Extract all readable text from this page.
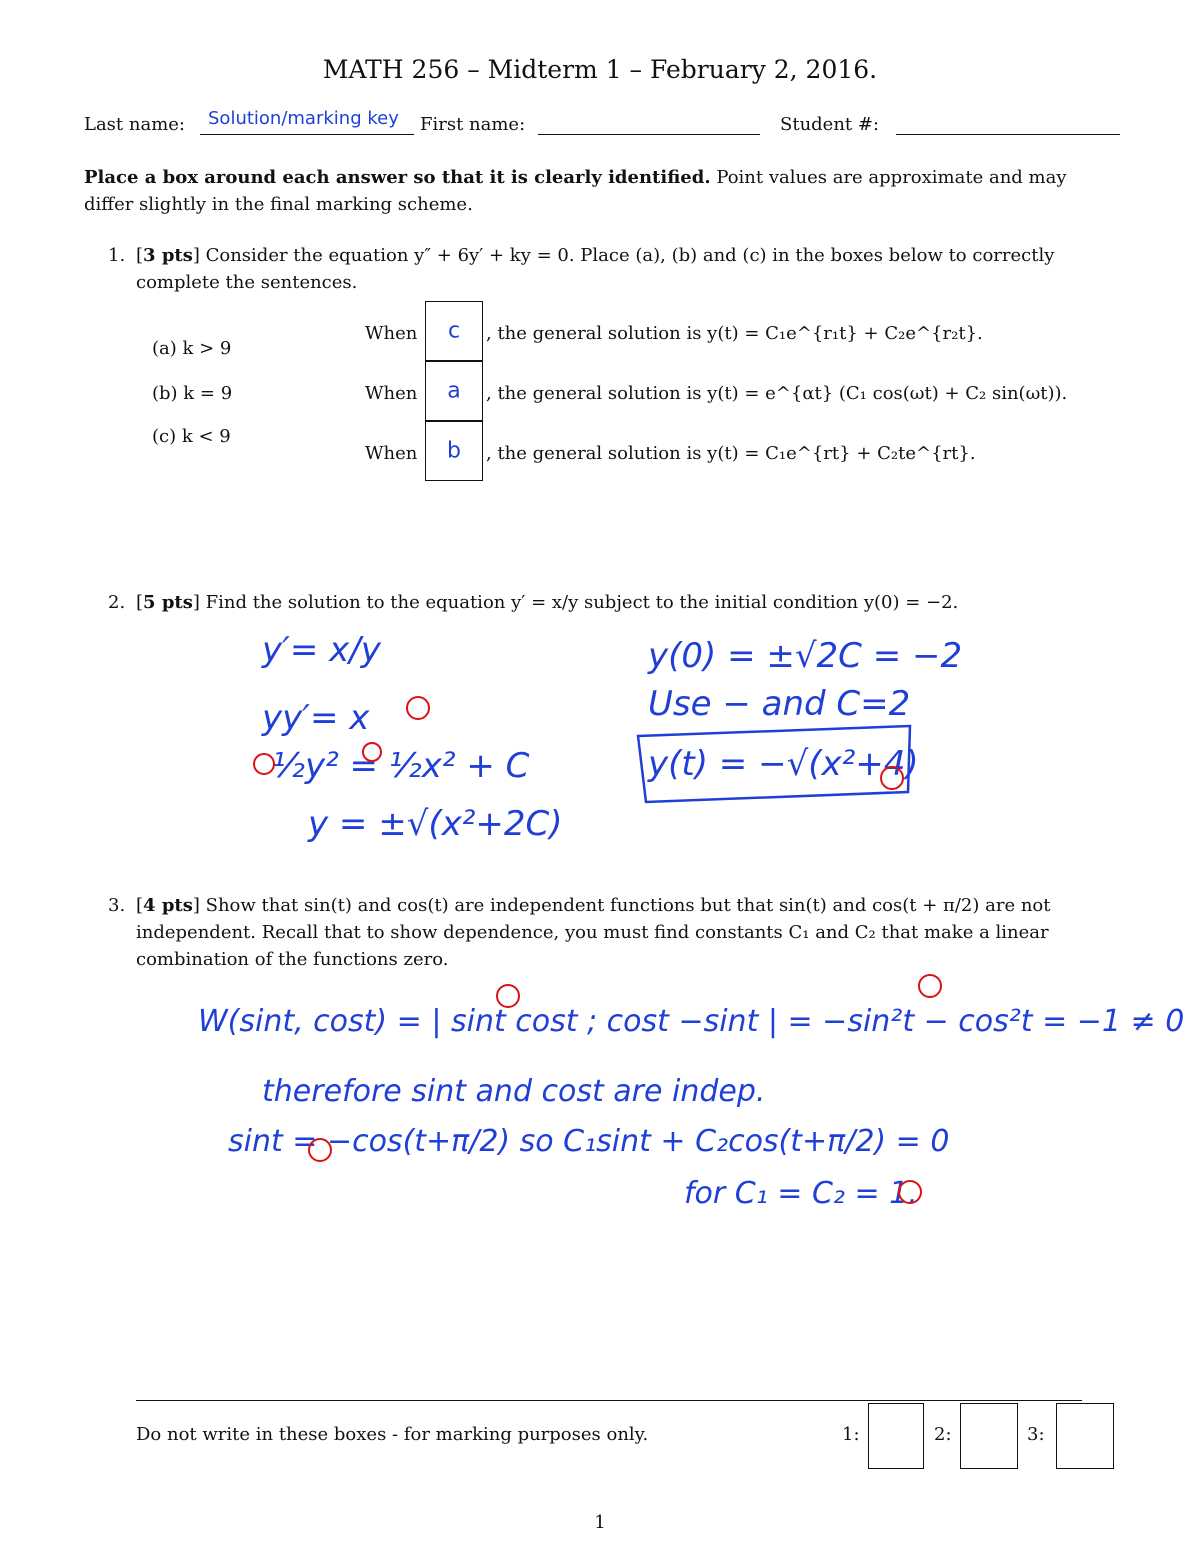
MATH 256 – Midterm 1 – February 2, 2016.
Last name: Solution/marking key First name:	Student #:
Place a box around each answer so that it is clearly identified. Point values are approximate and may differ slightly in the final marking scheme.
1. [3 pts] Consider the equation y″ + 6y′ + ky = 0. Place (a), (b) and (c) in the boxes below to correctly
complete the sentences.
(a) k > 9
(b) k = 9
(c) k < 9
When	c	, the general solution is y(t) = C₁e^{r₁t} + C₂e^{r₂t}.
When	a	, the general solution is y(t) = e^{αt} (C₁ cos(ωt) + C₂ sin(ωt)).
When	b	, the general solution is y(t) = C₁e^{rt} + C₂te^{rt}.
2. [5 pts] Find the solution to the equation y′ = x/y subject to the initial condition y(0) = −2.
y′= x/y
yy′= x
½y² = ½x² + C
y = ±√(x²+2C)
y(0) = ±√2C = −2
Use − and C=2
y(t) = −√(x²+4)
3. [4 pts] Show that sin(t) and cos(t) are independent functions but that sin(t) and cos(t + π/2) are not
independent. Recall that to show dependence, you must find constants C₁ and C₂ that make a linear
combination of the functions zero.
W(sint, cost) = | sint cost ; cost −sint | = −sin²t − cos²t = −1 ≠ 0
therefore sint and cost are indep.
sint = −cos(t+π/2) so C₁sint + C₂cos(t+π/2) = 0
for C₁ = C₂ = 1.
Do not write in these boxes - for marking purposes only.	1:	2:	3:
1
